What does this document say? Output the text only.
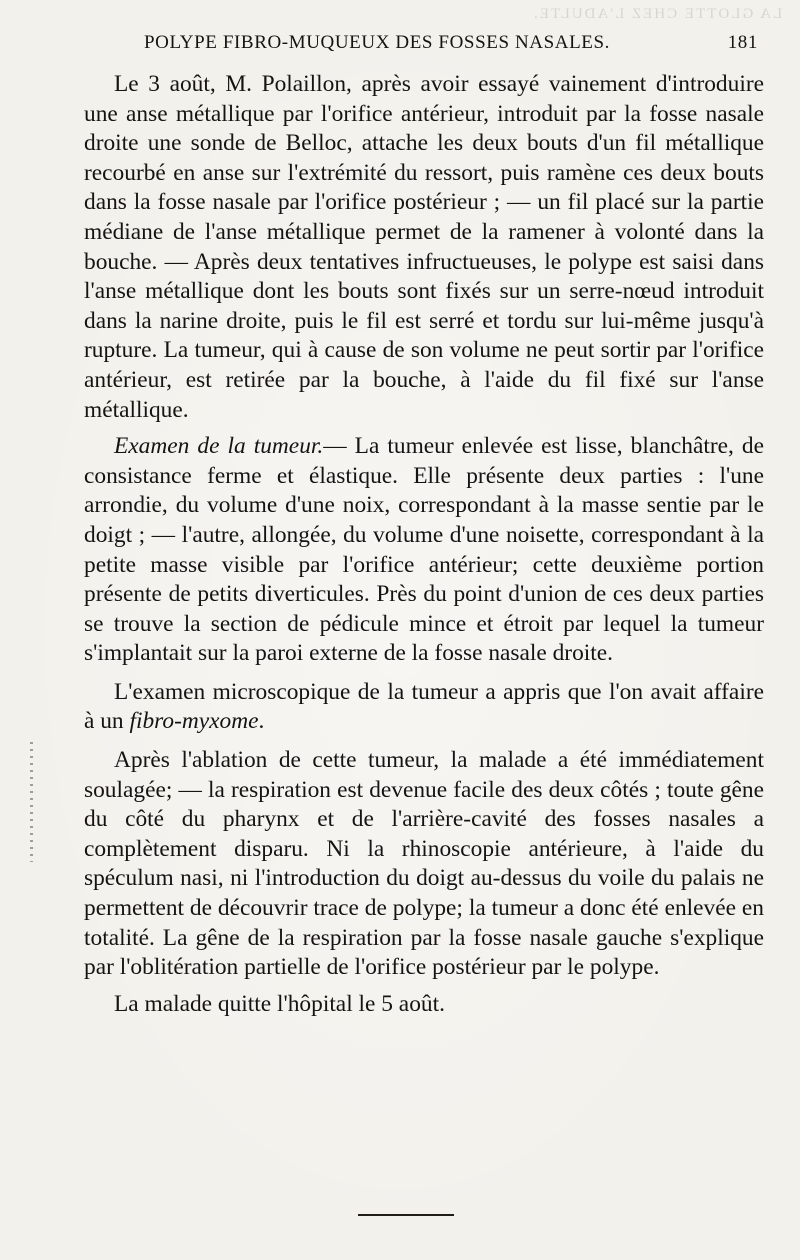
LA GLOTTE CHEZ L'ADULTE.
POLYPE FIBRO-MUQUEUX DES FOSSES NASALES.	181

Le 3 août, M. Polaillon, après avoir essayé vainement d'introduire une anse métallique par l'orifice antérieur, introduit par la fosse nasale droite une sonde de Belloc, attache les deux bouts d'un fil métallique recourbé en anse sur l'extrémité du ressort, puis ramène ces deux bouts dans la fosse nasale par l'orifice postérieur ; — un fil placé sur la partie médiane de l'anse métallique permet de la ramener à volonté dans la bouche. — Après deux tentatives infructueuses, le polype est saisi dans l'anse métallique dont les bouts sont fixés sur un serre-nœud introduit dans la narine droite, puis le fil est serré et tordu sur lui-même jusqu'à rupture. La tumeur, qui à cause de son volume ne peut sortir par l'orifice antérieur, est retirée par la bouche, à l'aide du fil fixé sur l'anse métallique.

Examen de la tumeur.— La tumeur enlevée est lisse, blanchâtre, de consistance ferme et élastique. Elle présente deux parties : l'une arrondie, du volume d'une noix, correspondant à la masse sentie par le doigt ; — l'autre, allongée, du volume d'une noisette, correspondant à la petite masse visible par l'orifice antérieur; cette deuxième portion présente de petits diverticules. Près du point d'union de ces deux parties se trouve la section de pédicule mince et étroit par lequel la tumeur s'implantait sur la paroi externe de la fosse nasale droite.

L'examen microscopique de la tumeur a appris que l'on avait affaire à un fibro-myxome.

Après l'ablation de cette tumeur, la malade a été immédiatement soulagée; — la respiration est devenue facile des deux côtés ; toute gêne du côté du pharynx et de l'arrière-cavité des fosses nasales a complètement disparu. Ni la rhinoscopie antérieure, à l'aide du spéculum nasi, ni l'introduction du doigt au-dessus du voile du palais ne permettent de découvrir trace de polype; la tumeur a donc été enlevée en totalité. La gêne de la respiration par la fosse nasale gauche s'explique par l'oblitération partielle de l'orifice postérieur par le polype.

La malade quitte l'hôpital le 5 août.
